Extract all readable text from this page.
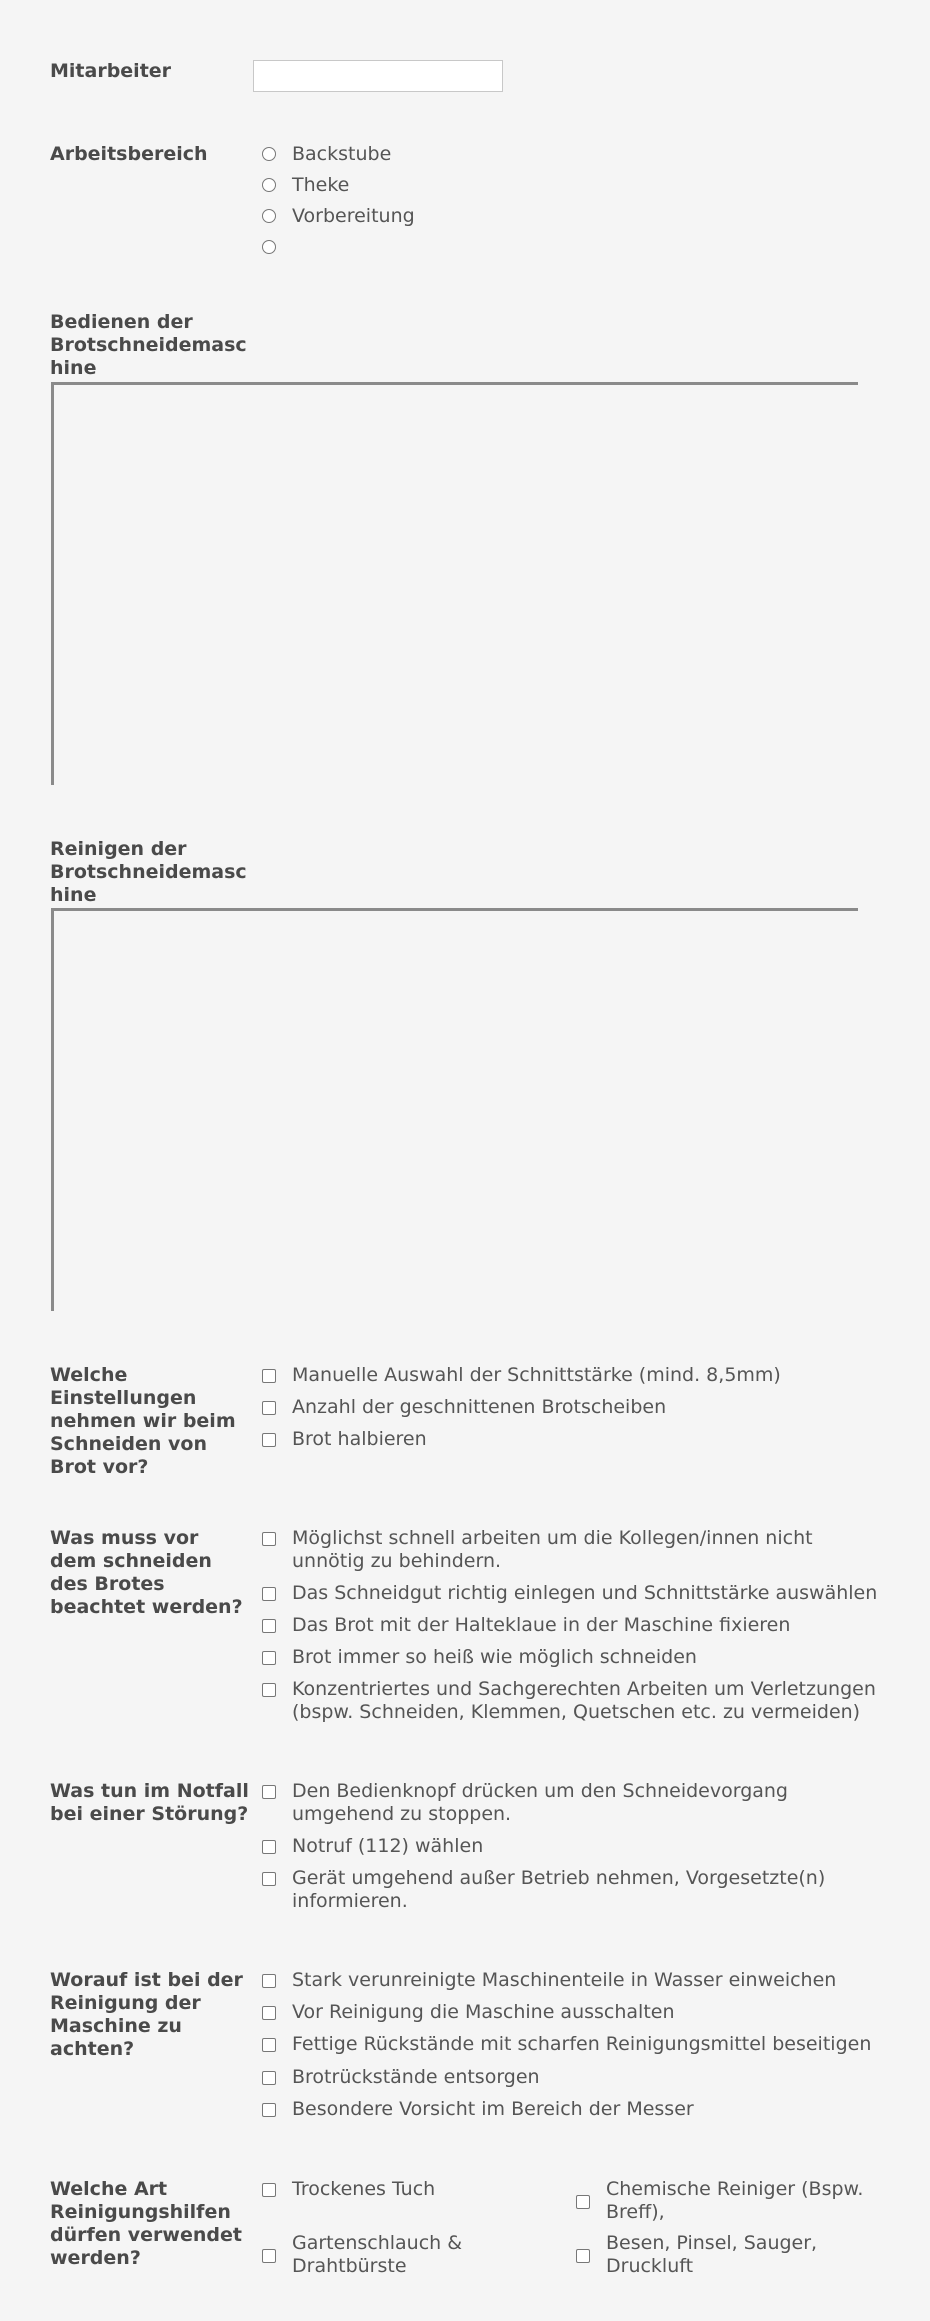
Mitarbeiter
Arbeitsbereich	Backstube
Theke
Vorbereitung
Bedienen der
Brotschneidemasc
hine
Reinigen der
Brotschneidemasc
hine
Welche Einstellungen nehmen wir beim Schneiden von Brot vor?
Manuelle Auswahl der Schnittstärke (mind. 8,5mm)
Anzahl der geschnittenen Brotscheiben
Brot halbieren
Was muss vor dem schneiden des Brotes beachtet werden?
Möglichst schnell arbeiten um die Kollegen/innen nicht unnötig zu behindern.
Das Schneidgut richtig einlegen und Schnittstärke auswählen
Das Brot mit der Halteklaue in der Maschine fixieren
Brot immer so heiß wie möglich schneiden
Konzentriertes und Sachgerechten Arbeiten um Verletzungen (bspw. Schneiden, Klemmen, Quetschen etc. zu vermeiden)
Was tun im Notfall bei einer Störung?
Den Bedienknopf drücken um den Schneidevorgang umgehend zu stoppen.
Notruf (112) wählen
Gerät umgehend außer Betrieb nehmen, Vorgesetzte(n) informieren.
Worauf ist bei der Reinigung der Maschine zu achten?
Stark verunreinigte Maschinenteile in Wasser einweichen
Vor Reinigung die Maschine ausschalten
Fettige Rückstände mit scharfen Reinigungsmittel beseitigen
Brotrückstände entsorgen
Besondere Vorsicht im Bereich der Messer
Welche Art Reinigungshilfen dürfen verwendet werden?
Trockenes Tuch	Chemische Reiniger (Bspw. Breff),
Gartenschlauch & Drahtbürste
Besen, Pinsel, Sauger, Druckluft
